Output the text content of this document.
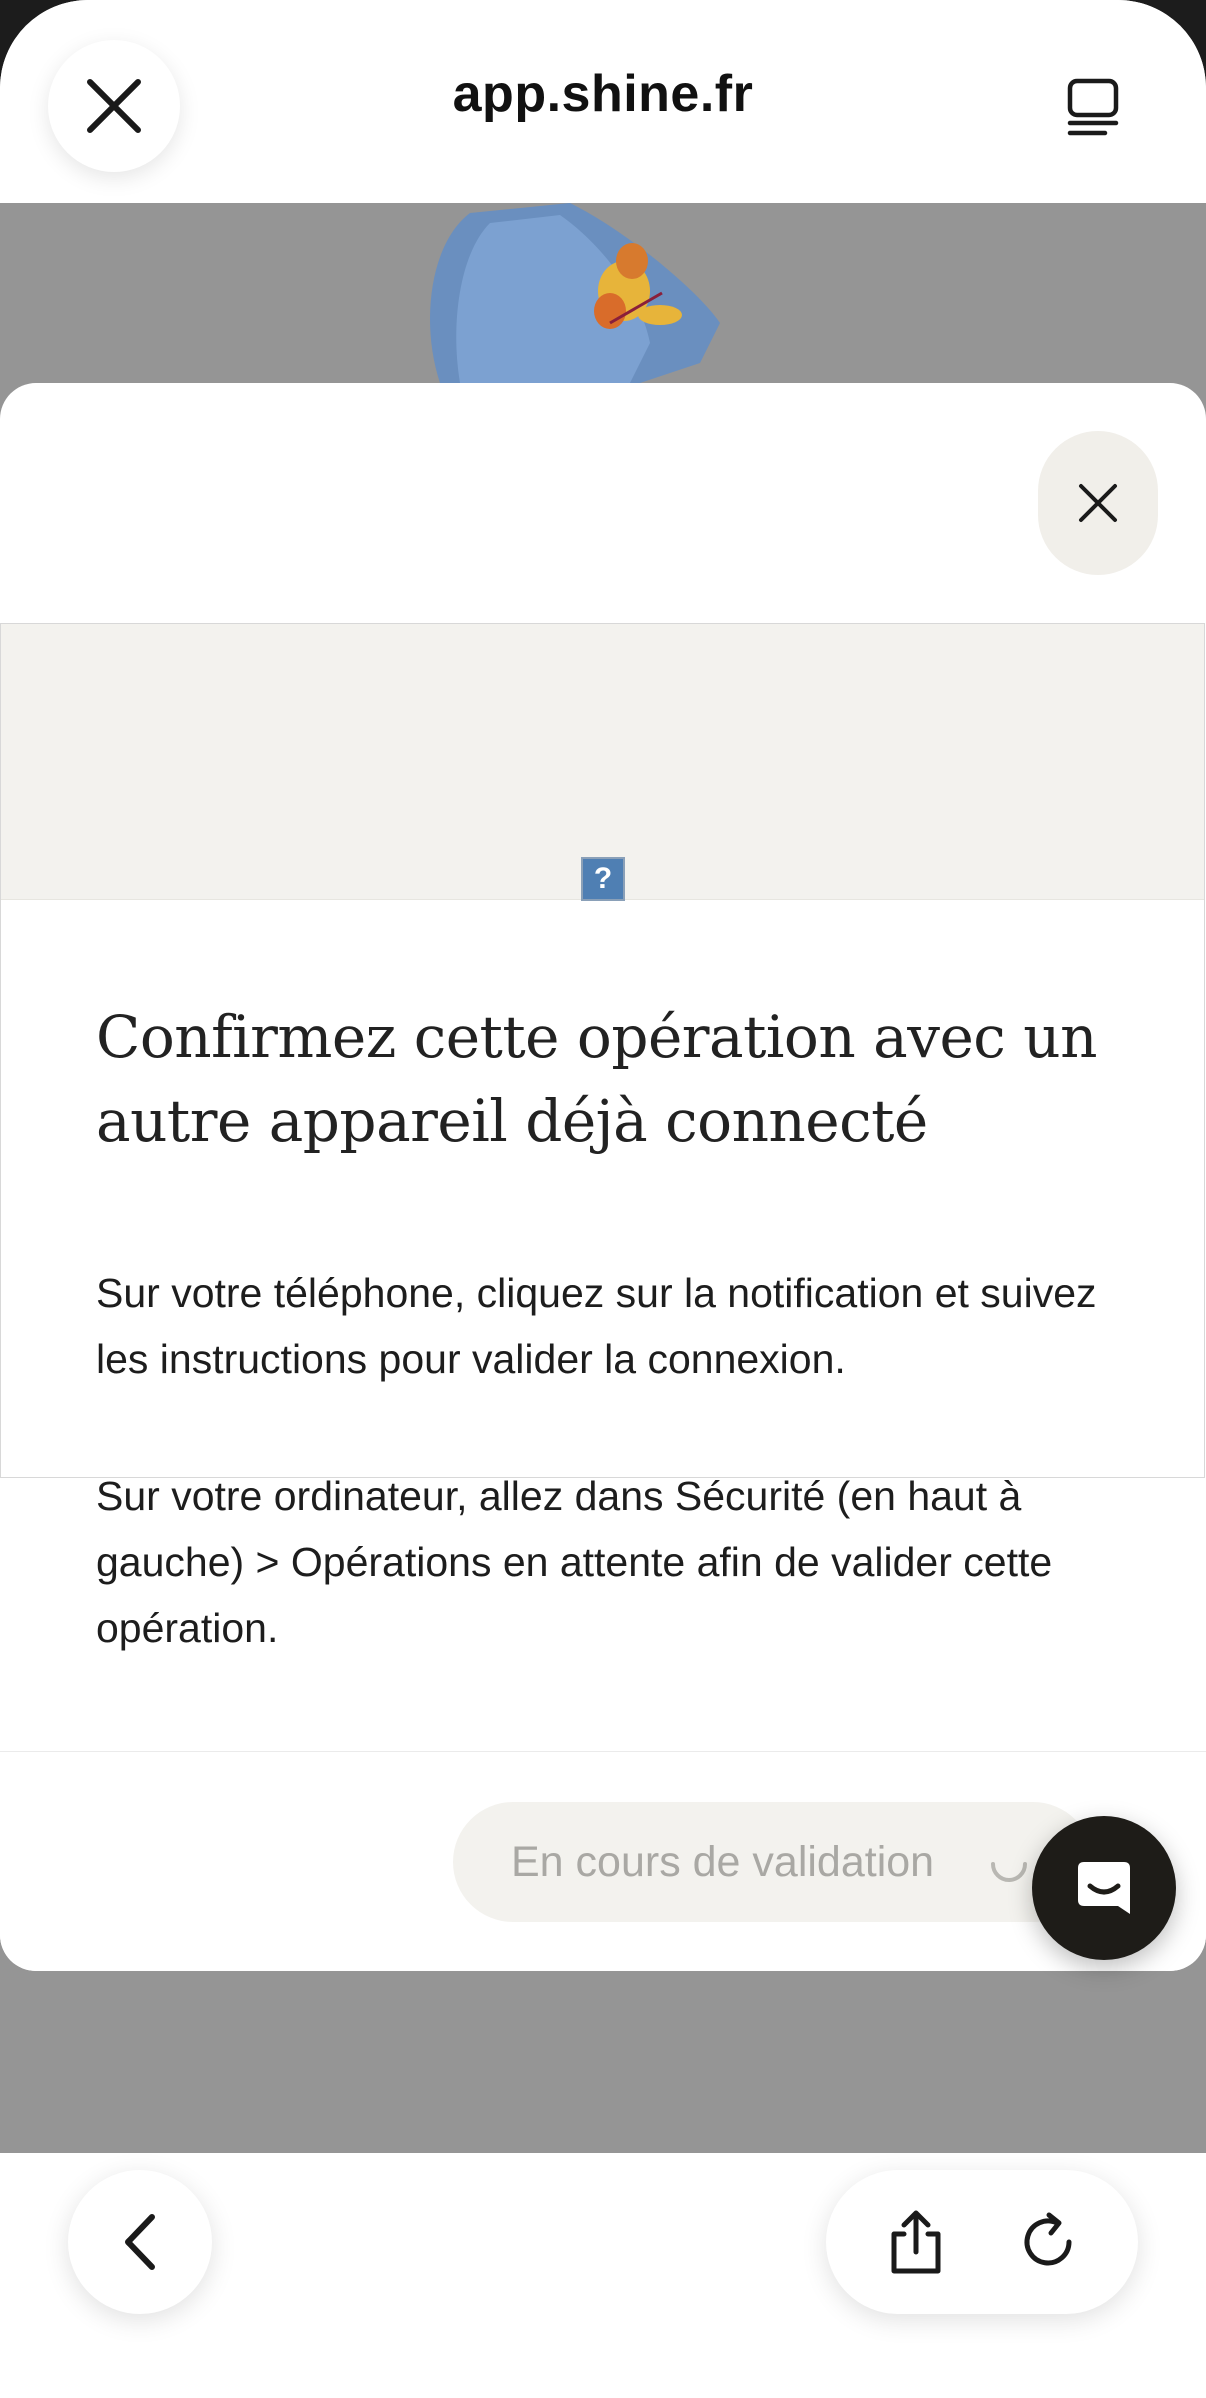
app.shine.fr
?
Confirmez cette opération avec un autre appareil déjà connecté

Sur votre téléphone, cliquez sur la notification et suivez les instructions pour valider la connexion.

Sur votre ordinateur, allez dans Sécurité (en haut à gauche) > Opérations en attente afin de valider cette opération.

En cours de validation
